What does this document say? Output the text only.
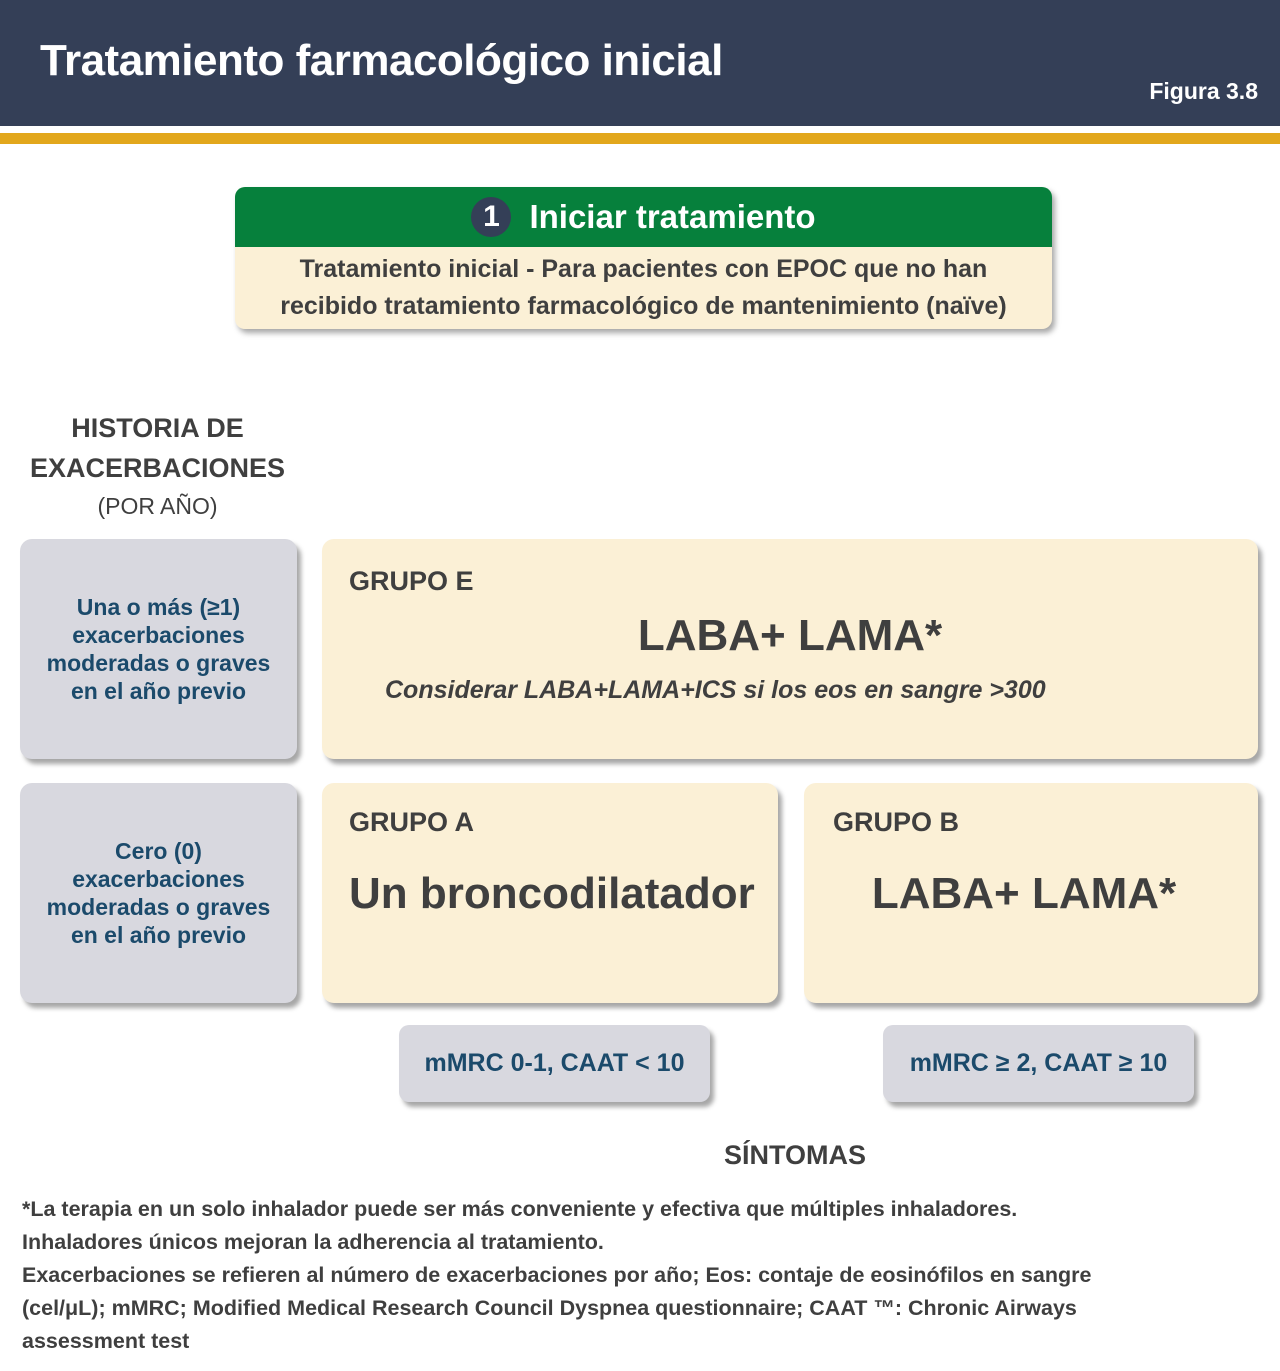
Tratamiento farmacológico inicial
Figura 3.8
1 Iniciar tratamiento
Tratamiento inicial - Para pacientes con EPOC que no han
recibido tratamiento farmacológico de mantenimiento (naïve)
HISTORIA DE
EXACERBACIONES
(POR AÑO)
Una o más (≥1) exacerbaciones moderadas o graves en el año previo
Cero (0) exacerbaciones moderadas o graves en el año previo
GRUPO E
LABA+ LAMA*
Considerar LABA+LAMA+ICS si los eos en sangre >300
GRUPO A
Un broncodilatador
GRUPO B
LABA+ LAMA*
mMRC 0-1, CAAT < 10	mMRC ≥ 2, CAAT ≥ 10
SÍNTOMAS
*La terapia en un solo inhalador puede ser más conveniente y efectiva que múltiples inhaladores.
Inhaladores únicos mejoran la adherencia al tratamiento.
Exacerbaciones se refieren al número de exacerbaciones por año; Eos: contaje de eosinófilos en sangre
(cel/μL); mMRC; Modified Medical Research Council Dyspnea questionnaire; CAAT ™: Chronic Airways
assessment test
